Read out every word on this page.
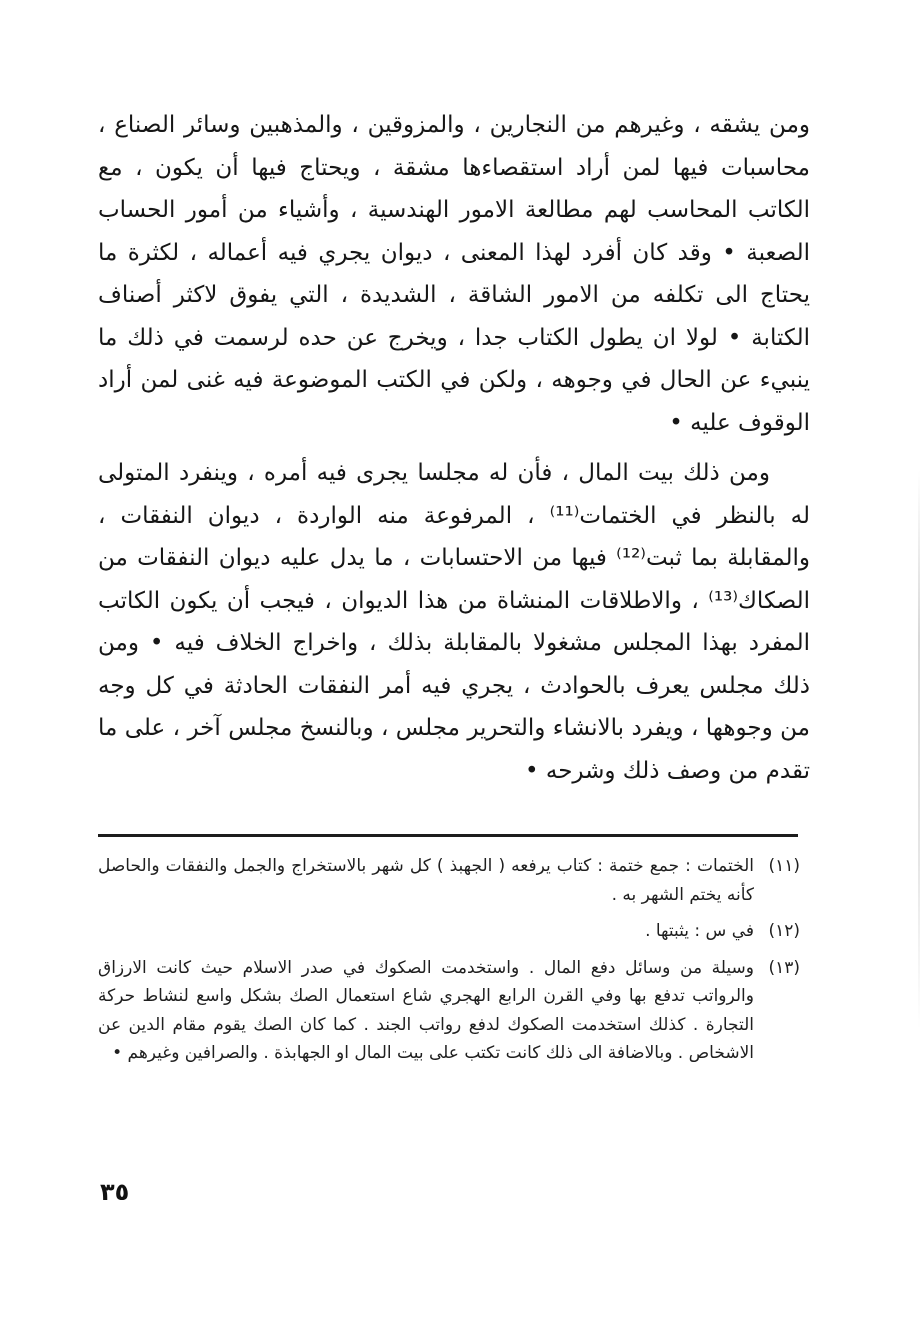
ومن يشقه ، وغيرهم من النجارين ، والمزوقين ، والمذهبين وسائر الصناع ، محاسبات فيها لمن أراد استقصاءها مشقة ، ويحتاج فيها أن يكون ، مع الكاتب المحاسب لهم مطالعة الامور الهندسية ، وأشياء من أمور الحساب الصعبة • وقد كان أفرد لهذا المعنى ، ديوان يجري فيه أعماله ، لكثرة ما يحتاج الى تكلفه من الامور الشاقة ، الشديدة ، التي يفوق لاكثر أصناف الكتابة • لولا ان يطول الكتاب جدا ، ويخرج عن حده لرسمت في ذلك ما ينبيء عن الحال في وجوهه ، ولكن في الكتب الموضوعة فيه غنى لمن أراد الوقوف عليه •

ومن ذلك بيت المال ، فأن له مجلسا يجرى فيه أمره ، وينفرد المتولى له بالنظر في الختمات⁽¹¹⁾ ، المرفوعة منه الواردة ، ديوان النفقات ، والمقابلة بما ثبت⁽¹²⁾ فيها من الاحتسابات ، ما يدل عليه ديوان النفقات من الصكاك⁽¹³⁾ ، والاطلاقات المنشاة من هذا الديوان ، فيجب أن يكون الكاتب المفرد بهذا المجلس مشغولا بالمقابلة بذلك ، واخراج الخلاف فيه • ومن ذلك مجلس يعرف بالحوادث ، يجري فيه أمر النفقات الحادثة في كل وجه من وجوهها ، ويفرد بالانشاء والتحرير مجلس ، وبالنسخ مجلس آخر ، على ما تقدم من وصف ذلك وشرحه •

(١١)
الختمات : جمع ختمة : كتاب يرفعه ( الجهبذ ) كل شهر بالاستخراج والجمل والنفقات والحاصل كأنه يختم الشهر به .
(١٢)
في س : يثبتها .
(١٣)
وسيلة من وسائل دفع المال . واستخدمت الصكوك في صدر الاسلام حيث كانت الارزاق والرواتب تدفع بها وفي القرن الرابع الهجري شاع استعمال الصك بشكل واسع لنشاط حركة التجارة . كذلك استخدمت الصكوك لدفع رواتب الجند . كما كان الصك يقوم مقام الدين عن الاشخاص . وبالاضافة الى ذلك كانت تكتب على بيت المال او الجهابذة . والصرافين وغيرهم •
٣٥
